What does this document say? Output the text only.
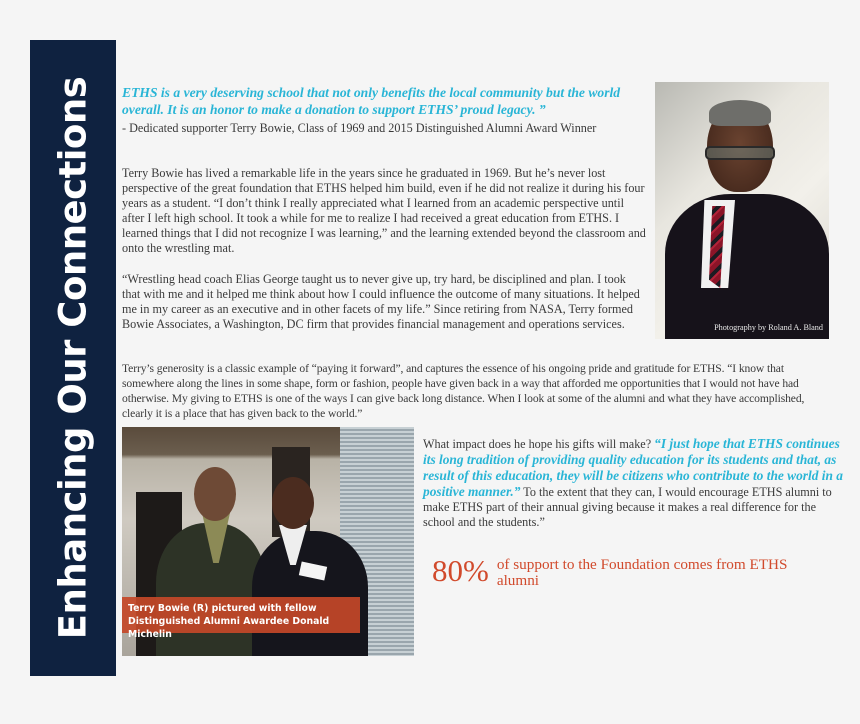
Enhancing Our Connections ETHS is a very deserving school that not only benefits the local community but the world overall. It is an honor to make a donation to support ETHS’ proud legacy. ”
- Dedicated supporter Terry Bowie, Class of 1969 and 2015 Distinguished Alumni Award Winner
Terry Bowie has lived a remarkable life in the years since he graduated in 1969. But he’s never lost perspective of the great foundation that ETHS helped him build, even if he did not realize it during his four years as a student. “I don’t think I really appreciated what I learned from an academic perspective until after I left high school. It took a while for me to realize I had received a great education from ETHS. I learned things that I did not recognize I was learning,” and the learning extended beyond the classroom and onto the wrestling mat.
“Wrestling head coach Elias George taught us to never give up, try hard, be disciplined and plan. I took that with me and it helped me think about how I could influence the outcome of many situations. It helped me in my career as an executive and in other facets of my life.” Since retiring from NASA, Terry formed Bowie Associates, a Washington, DC firm that provides financial management and operations services.
Terry’s generosity is a classic example of “paying it forward”, and captures the essence of his ongoing pride and gratitude for ETHS. “I know that somewhere along the lines in some shape, form or fashion, people have given back in a way that afforded me opportunities that I would not have had otherwise. My giving to ETHS is one of the ways I can give back long distance. When I look at some of the alumni and what they have accomplished, clearly it is a place that has given back to the world.”
Photography by Roland A. Bland
Terry Bowie (R) pictured with fellow
Distinguished Alumni Awardee Donald Michelin
What impact does he hope his gifts will make? “I just hope that ETHS continues its long tradition of providing quality education for its students and that, as result of this education, they will be citizens who contribute to the world in a positive manner.” To the extent that they can, I would encourage ETHS alumni to make ETHS part of their annual giving because it makes a real difference for the school and the students.”
80% of support to the Foundation comes from ETHS alumni
